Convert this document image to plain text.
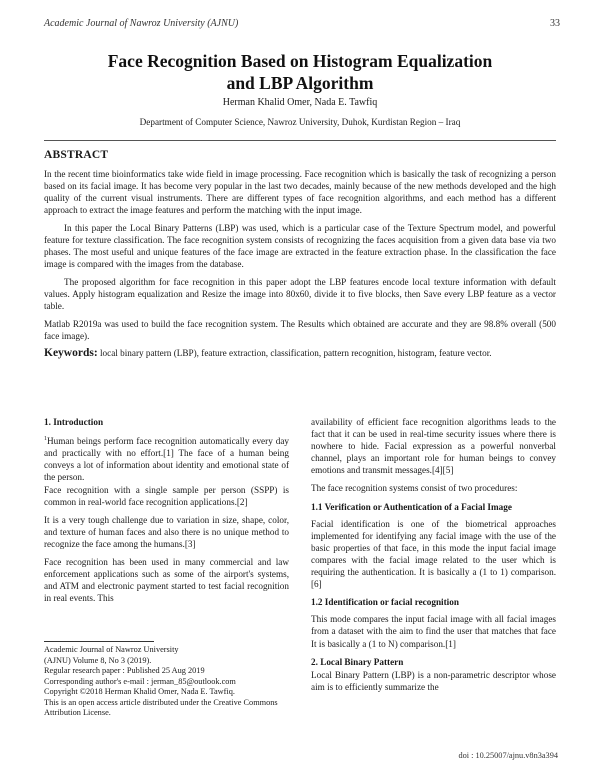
Academic Journal of Nawroz University (AJNU)	33
Face Recognition Based on Histogram Equalization
and LBP Algorithm
Herman Khalid Omer, Nada E. Tawfiq
Department of Computer Science, Nawroz University, Duhok, Kurdistan Region – Iraq
ABSTRACT

In the recent time bioinformatics take wide field in image processing. Face recognition which is basically the task of recognizing a person based on its facial image. It has become very popular in the last two decades, mainly because of the new methods developed and the high quality of the current visual instruments. There are different types of face recognition algorithms, and each method has a different approach to extract the image features and perform the matching with the input image.

In this paper the Local Binary Patterns (LBP) was used, which is a particular case of the Texture Spectrum model, and powerful feature for texture classification. The face recognition system consists of recognizing the faces acquisition from a given data base via two phases. The most useful and unique features of the face image are extracted in the feature extraction phase. In the classification the face image is compared with the images from the database.

The proposed algorithm for face recognition in this paper adopt the LBP features encode local texture information with default values. Apply histogram equalization and Resize the image into 80x60, divide it to five blocks, then Save every LBP feature as a vector table.

Matlab R2019a was used to build the face recognition system. The Results which obtained are accurate and they are 98.8% overall (500 face image).

Keywords: local binary pattern (LBP), feature extraction, classification, pattern recognition, histogram, feature vector.
1. Introduction

$^1$Human beings perform face recognition automatically every day and practically with no effort.[1] The face of a human being conveys a lot of information about identity and emotional state of the person.

Face recognition with a single sample per person (SSPP) is common in real-world face recognition applications.[2]

It is a very tough challenge due to variation in size, shape, color, and texture of human faces and also there is no unique method to recognize the face among the humans.[3]

Face recognition has been used in many commercial and law enforcement applications such as some of the airport's systems, and ATM and electronic payment started to test facial recognition in real events. This

availability of efficient face recognition algorithms leads to the fact that it can be used in real-time security issues where there is nowhere to hide. Facial expression as a powerful nonverbal channel, plays an important role for human beings to convey emotions and transmit messages.[4][5]

The face recognition systems consist of two procedures:

1.1 Verification or Authentication of a Facial Image

Facial identification is one of the biometrical approaches implemented for identifying any facial image with the use of the basic properties of that face, in this mode the input facial image compares with the facial image related to the user which is requiring the authentication. It is basically a (1 to 1) comparison.[6]

1.2 Identification or facial recognition

This mode compares the input facial image with all facial images from a dataset with the aim to find the user that matches that face It is basically a (1 to N) comparison.[1]

2. Local Binary Pattern

Local Binary Pattern (LBP) is a non-parametric descriptor whose aim is to efficiently summarize the

Academic Journal of Nawroz University
(AJNU) Volume 8, No 3 (2019).
Regular research paper : Published 25 Aug 2019
Corresponding author's e-mail : jerman_85@outlook.com
Copyright ©2018 Herman Khalid Omer, Nada E. Tawfiq.
This is an open access article distributed under the Creative Commons Attribution License.
doi : 10.25007/ajnu.v8n3a394
